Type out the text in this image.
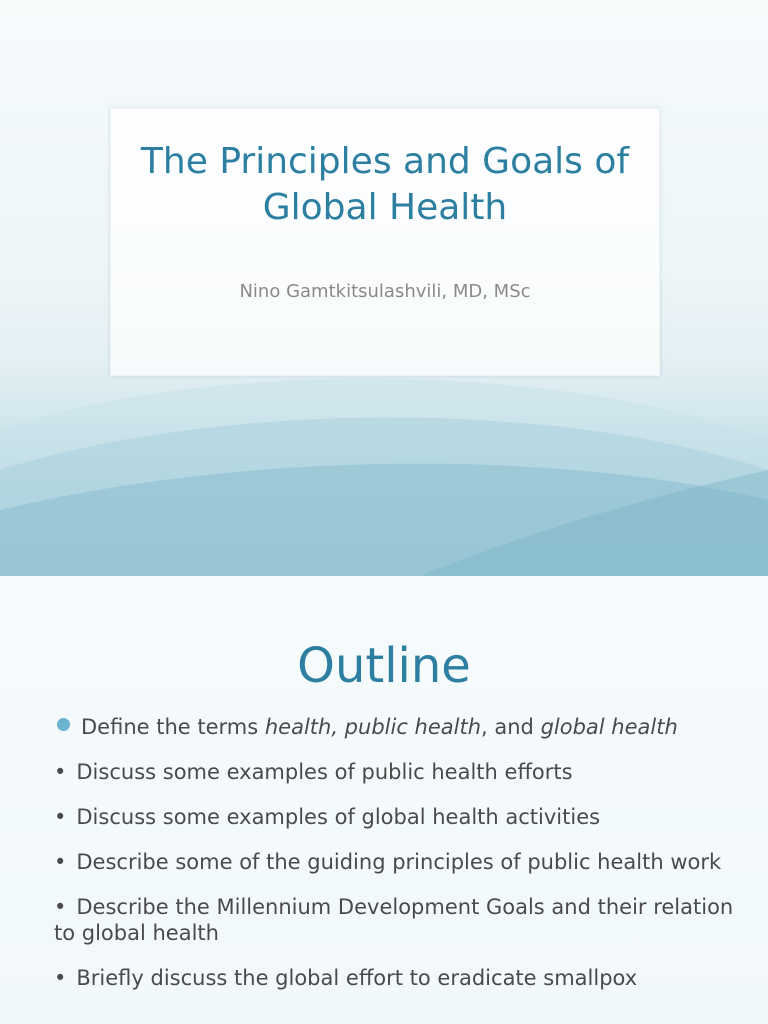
The Principles and Goals of
Global Health
Nino Gamtkitsulashvili, MD, MSc
Outline
Define the terms health, public health, and global health
• Discuss some examples of public health efforts
• Discuss some examples of global health activities
• Describe some of the guiding principles of public health work
• Describe the Millennium Development Goals and their relation to global health
• Briefly discuss the global effort to eradicate smallpox
